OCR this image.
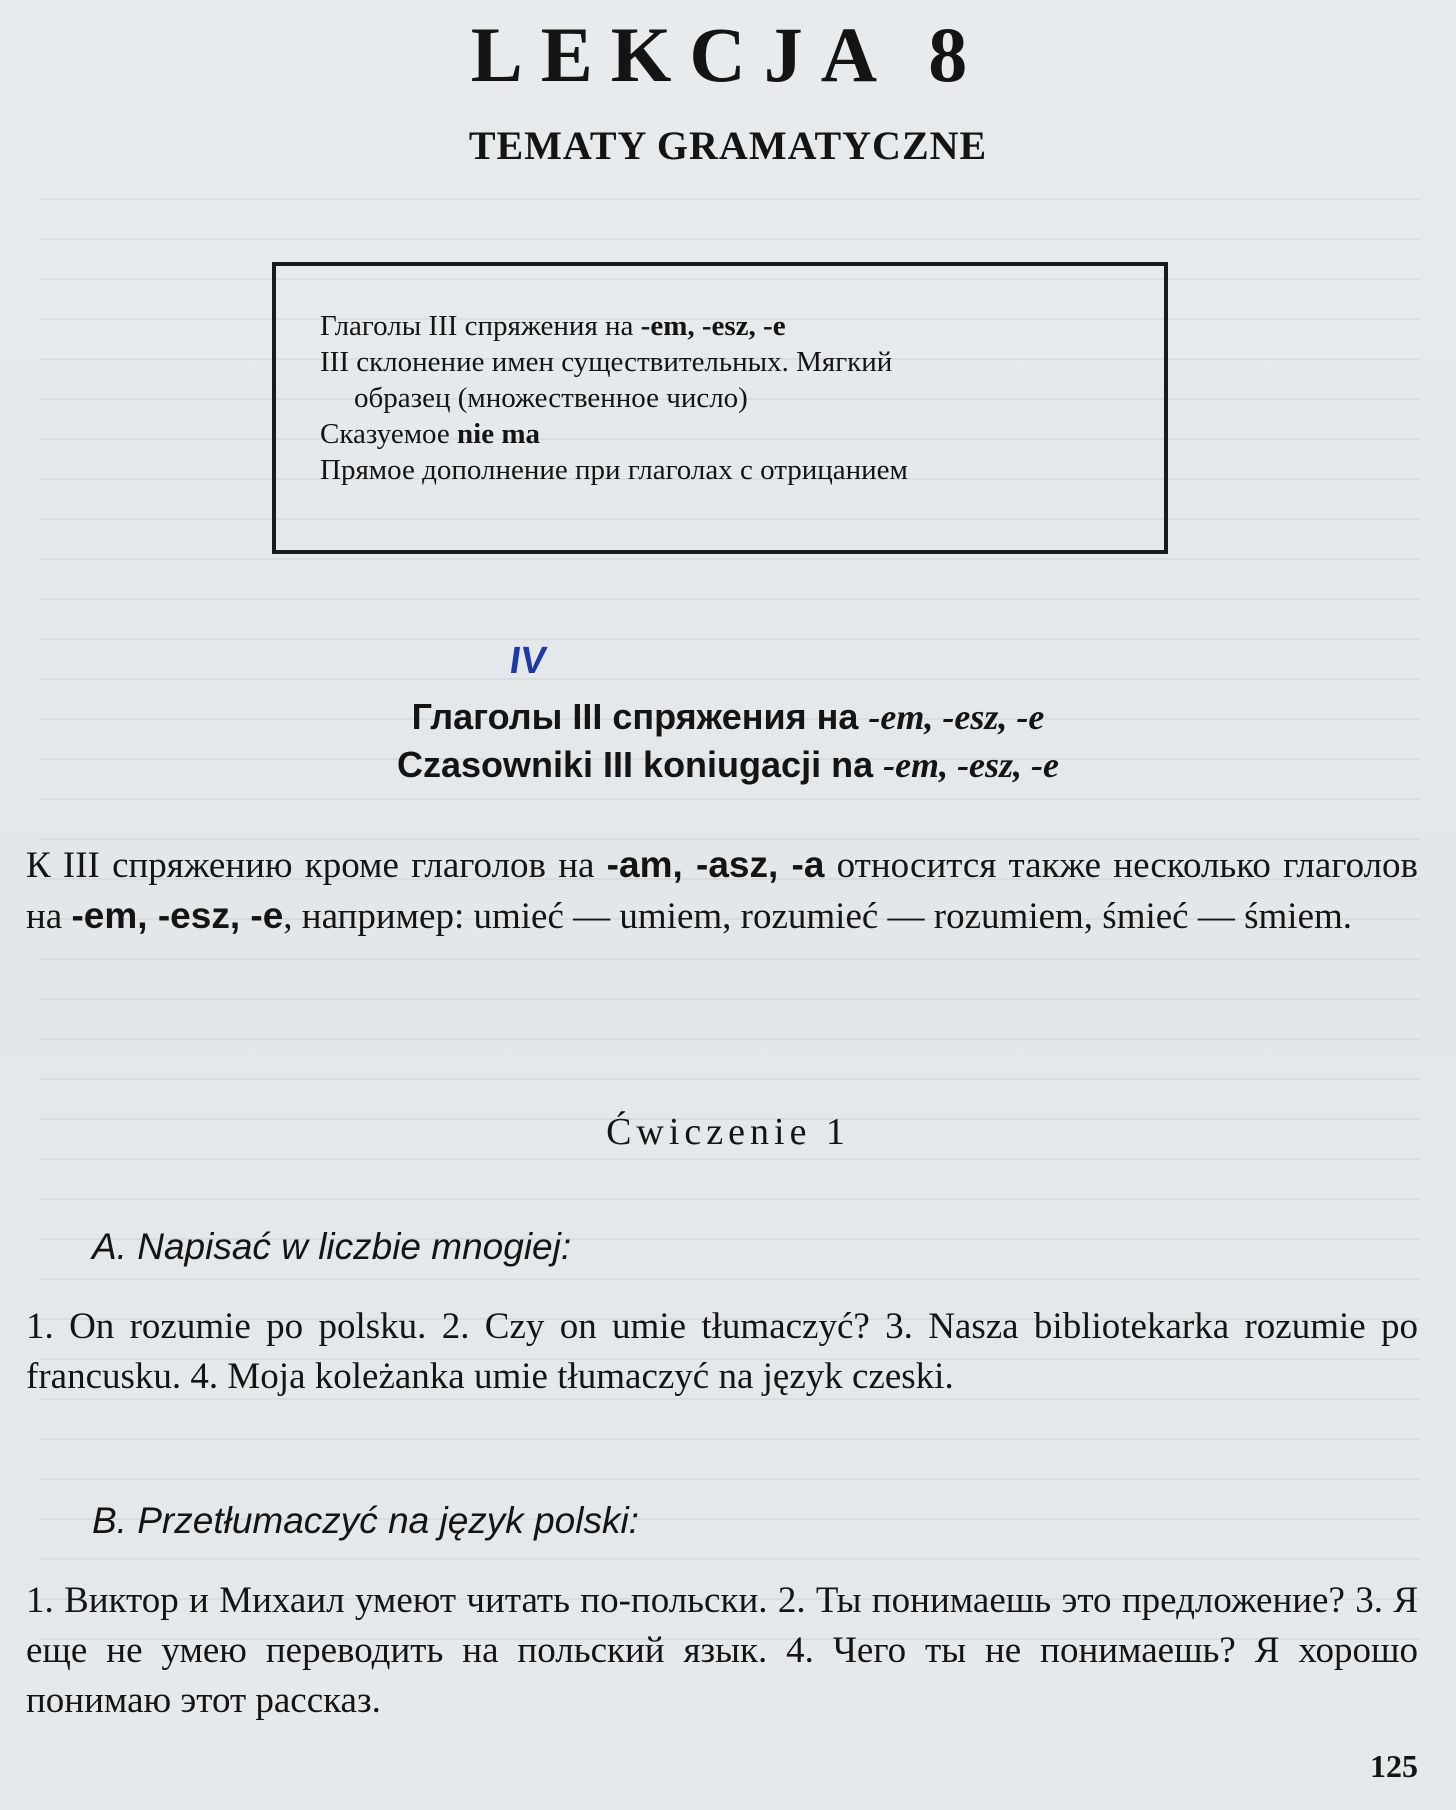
LEKCJA 8
TEMATY GRAMATYCZNE
Глаголы III спряжения на -em, -esz, -e
III склонение имен существительных. Мягкий
образец (множественное число)
Сказуемое nie ma
Прямое дополнение при глаголах с отрицанием
IV
Глаголы III спряжения на -em, -esz, -e
Czasowniki III koniugacji na -em, -esz, -e
К III спряжению кроме глаголов на -am, -asz, -a относится также несколько глаголов на -em, -esz, -e, например: umieć — umiem, rozumieć — rozumiem, śmieć — śmiem.
Ćwiczenie 1
A. Napisać w liczbie mnogiej:
1. On rozumie po polsku. 2. Czy on umie tłumaczyć? 3. Nasza bibliotekarka rozumie po francusku. 4. Moja koleżanka umie tłumaczyć na język czeski.
B. Przetłumaczyć na język polski:
1. Виктор и Михаил умеют читать по-польски. 2. Ты понимаешь это предложение? 3. Я еще не умею переводить на польский язык. 4. Чего ты не понимаешь? Я хорошо понимаю этот рассказ.
125
